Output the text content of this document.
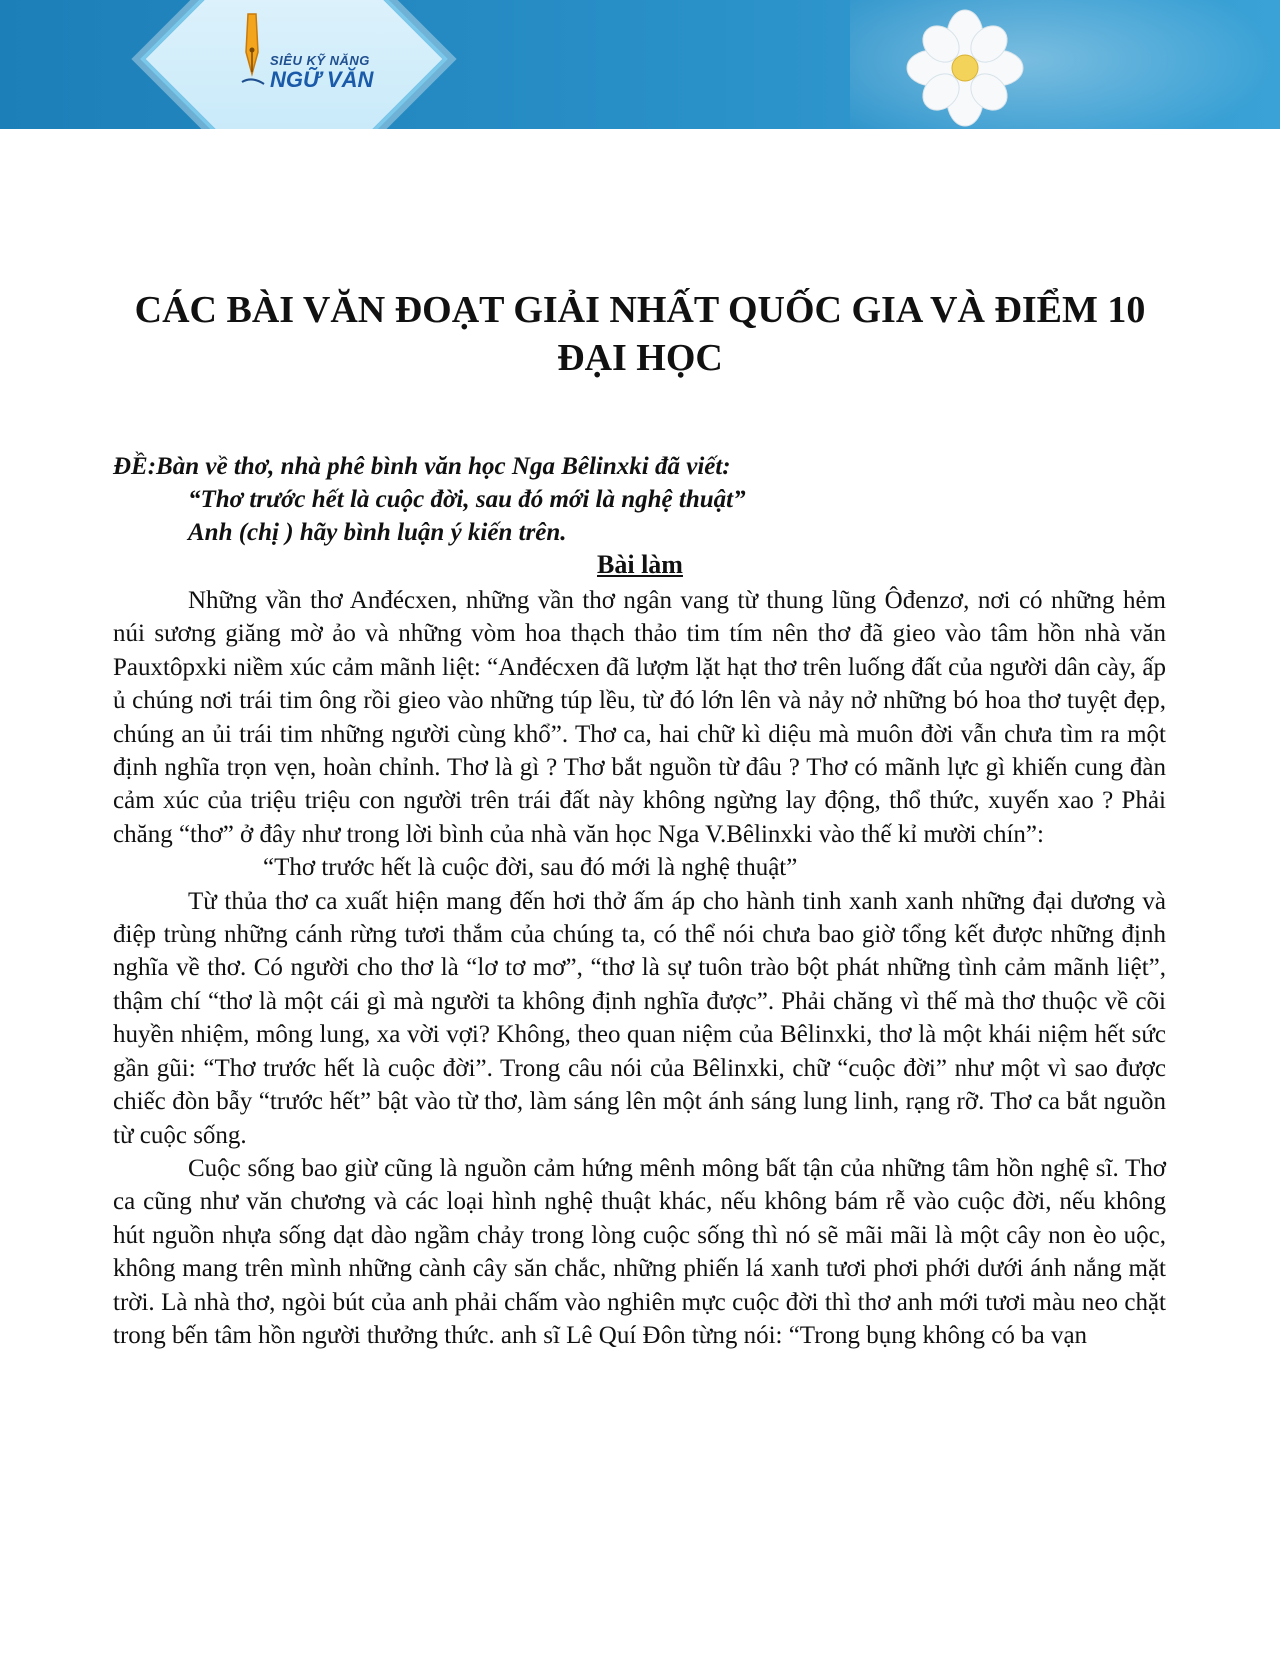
SIÊU KỸ NĂNG
NGỮ VĂN
CÁC BÀI VĂN ĐOẠT GIẢI NHẤT QUỐC GIA VÀ ĐIỂM 10 ĐẠI HỌC
ĐỀ:Bàn về thơ, nhà phê bình văn học Nga Bêlinxki đã viết:
“Thơ trước hết là cuộc đời, sau đó mới là nghệ thuật”
Anh (chị ) hãy bình luận ý kiến trên.
Bài làm

Những vần thơ Anđécxen, những vần thơ ngân vang từ thung lũng Ôđenzơ, nơi có những hẻm núi sương giăng mờ ảo và những vòm hoa thạch thảo tim tím nên thơ đã gieo vào tâm hồn nhà văn Pauxtôpxki niềm xúc cảm mãnh liệt: “Anđécxen đã lượm lặt hạt thơ trên luống đất của người dân cày, ấp ủ chúng nơi trái tim ông rồi gieo vào những túp lều, từ đó lớn lên và nảy nở những bó hoa thơ tuyệt đẹp, chúng an ủi trái tim những người cùng khổ”. Thơ ca, hai chữ kì diệu mà muôn đời vẫn chưa tìm ra một định nghĩa trọn vẹn, hoàn chỉnh. Thơ là gì ? Thơ bắt nguồn từ đâu ? Thơ có mãnh lực gì khiến cung đàn cảm xúc của triệu triệu con người trên trái đất này không ngừng lay động, thổ thức, xuyến xao ? Phải chăng “thơ” ở đây như trong lời bình của nhà văn học Nga V.Bêlinxki vào thế kỉ mười chín”:

“Thơ trước hết là cuộc đời, sau đó mới là nghệ thuật”

Từ thủa thơ ca xuất hiện mang đến hơi thở ấm áp cho hành tinh xanh xanh những đại dương và điệp trùng những cánh rừng tươi thắm của chúng ta, có thể nói chưa bao giờ tổng kết được những định nghĩa về thơ. Có người cho thơ là “lơ tơ mơ”, “thơ là sự tuôn trào bột phát những tình cảm mãnh liệt”, thậm chí “thơ là một cái gì mà người ta không định nghĩa được”. Phải chăng vì thế mà thơ thuộc về cõi huyền nhiệm, mông lung, xa vời vợi? Không, theo quan niệm của Bêlinxki, thơ là một khái niệm hết sức gần gũi: “Thơ trước hết là cuộc đời”. Trong câu nói của Bêlinxki, chữ “cuộc đời” như một vì sao được chiếc đòn bẫy “trước hết” bật vào từ thơ, làm sáng lên một ánh sáng lung linh, rạng rỡ. Thơ ca bắt nguồn từ cuộc sống.

Cuộc sống bao giừ cũng là nguồn cảm hứng mênh mông bất tận của những tâm hồn nghệ sĩ. Thơ ca cũng như văn chương và các loại hình nghệ thuật khác, nếu không bám rễ vào cuộc đời, nếu không hút nguồn nhựa sống dạt dào ngầm chảy trong lòng cuộc sống thì nó sẽ mãi mãi là một cây non èo uộc, không mang trên mình những cành cây săn chắc, những phiến lá xanh tươi phơi phới dưới ánh nắng mặt trời. Là nhà thơ, ngòi bút của anh phải chấm vào nghiên mực cuộc đời thì thơ anh mới tươi màu neo chặt trong bến tâm hồn người thưởng thức. anh sĩ Lê Quí Đôn từng nói: “Trong bụng không có ba vạn
